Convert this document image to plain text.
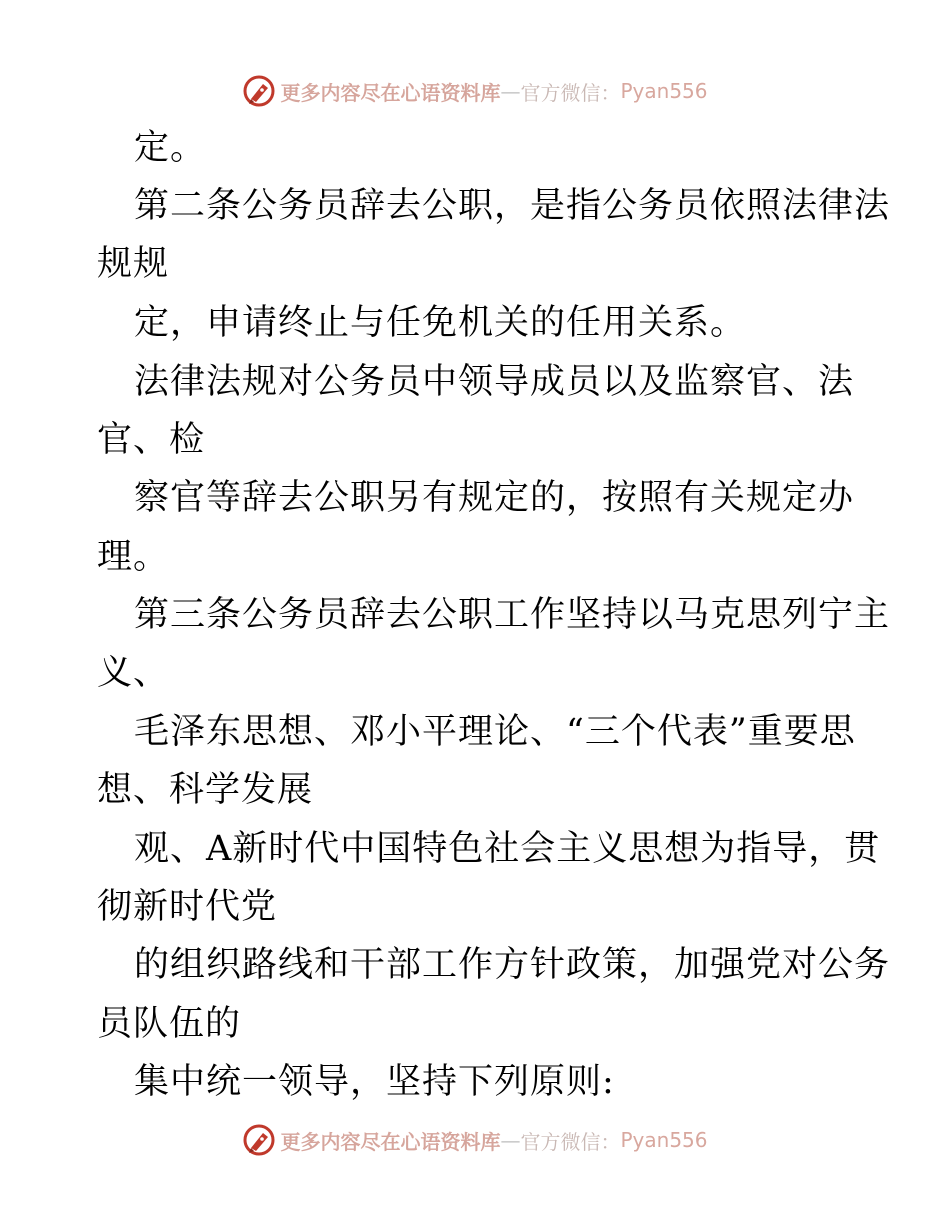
更多内容尽在心语资料库 — 官方微信： Pyan556
定。
第二条公务员辞去公职，是指公务员依照法律法
规规
定，申请终止与任免机关的任用关系。
法律法规对公务员中领导成员以及监察官、法
官、检
察官等辞去公职另有规定的，按照有关规定办
理。
第三条公务员辞去公职工作坚持以马克思列宁主
义、
毛泽东思想、邓小平理论、“三个代表”重要思
想、科学发展
观、A新时代中国特色社会主义思想为指导，贯
彻新时代党
的组织路线和干部工作方针政策，加强党对公务
员队伍的
集中统一领导，坚持下列原则:
更多内容尽在心语资料库 — 官方微信： Pyan556
